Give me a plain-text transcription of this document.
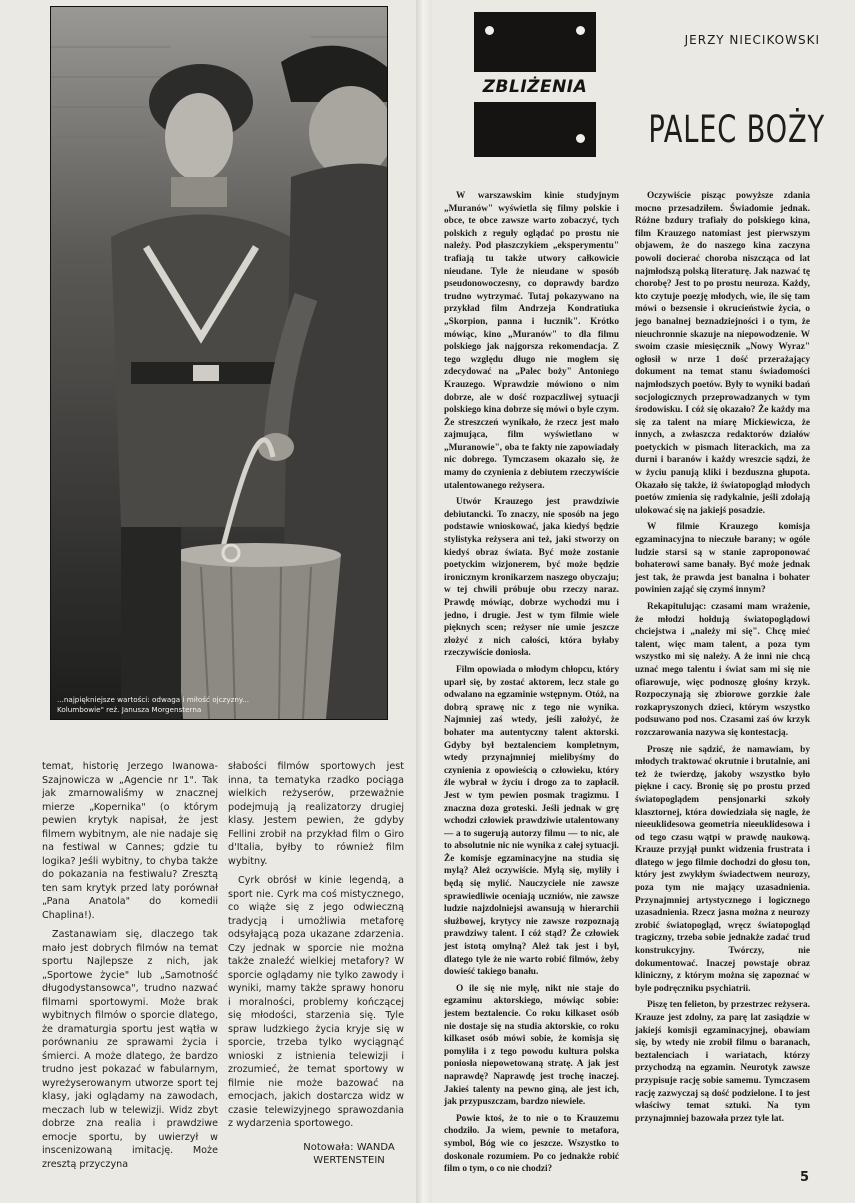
...najpiękniejsze wartości: odwaga i miłość ojczyzny...
Kolumbowie" reż. Janusza Morgensterna

temat, historię Jerzego Iwanowa-Szajnowicza w „Agencie nr 1". Tak jak zmarnowaliśmy w znacznej mierze „Kopernika" (o którym pewien krytyk napisał, że jest filmem wybitnym, ale nie nadaje się na festiwal w Cannes; gdzie tu logika? Jeśli wybitny, to chyba także do pokazania na festiwalu? Zresztą ten sam krytyk przed laty porównał „Pana Anatola" do komedii Chaplina!).

Zastanawiam się, dlaczego tak mało jest dobrych filmów na temat sportu Najlepsze z nich, jak „Sportowe życie" lub „Samotność długodystansowca", trudno nazwać filmami sportowymi. Może brak wybitnych filmów o sporcie dlatego, że dramaturgia sportu jest wątła w porównaniu ze sprawami życia i śmierci. A może dlatego, że bardzo trudno jest pokazać w fabularnym, wyreżyserowanym utworze sport tej klasy, jaki oglądamy na zawodach, meczach lub w telewizji. Widz zbyt dobrze zna realia i prawdziwe emocje sportu, by uwierzył w inscenizowaną imitację. Może zresztą przyczyna

słabości filmów sportowych jest inna, ta tematyka rzadko pociąga wielkich reżyserów, przeważnie podejmują ją realizatorzy drugiej klasy. Jestem pewien, że gdyby Fellini zrobił na przykład film o Giro d'Italia, byłby to również film wybitny.

Cyrk obrósł w kinie legendą, a sport nie. Cyrk ma coś mistycznego, co wiąże się z jego odwieczną tradycją i umożliwia metaforę odsyłającą poza ukazane zdarzenia. Czy jednak w sporcie nie można także znaleźć wielkiej metafory? W sporcie oglądamy nie tylko zawody i wyniki, mamy także sprawy honoru i moralności, problemy kończącej się młodości, starzenia się. Tyle spraw ludzkiego życia kryje się w sporcie, trzeba tylko wyciągnąć wnioski z istnienia telewizji i zrozumieć, że temat sportowy w filmie nie może bazować na emocjach, jakich dostarcza widz w czasie telewizyjnego sprawozdania z wydarzenia sportowego.

Notowała: WANDA
WERTENSTEIN
ZBLIŻENIA
JERZY NIECIKOWSKI
PALEC BOŻY

W warszawskim kinie studyjnym „Muranów" wyświetla się filmy polskie i obce, te obce zawsze warto zobaczyć, tych polskich z reguły oglądać po prostu nie należy. Pod płaszczykiem „eksperymentu" trafiają tu także utwory całkowicie nieudane. Tyle że nieudane w sposób pseudonowoczesny, co doprawdy bardzo trudno wytrzymać. Tutaj pokazywano na przykład film Andrzeja Kondratiuka „Skorpion, panna i łucznik". Krótko mówiąc, kino „Muranów" to dla filmu polskiego jak najgorsza rekomendacja. Z tego względu długo nie mogłem się zdecydować na „Palec boży" Antoniego Krauzego. Wprawdzie mówiono o nim dobrze, ale w dość rozpaczliwej sytuacji polskiego kina dobrze się mówi o byle czym. Że streszczeń wynikało, że rzecz jest mało zajmująca, film wyświetlano w „Muranowie", oba te fakty nie zapowiadały nic dobrego. Tymczasem okazało się, że mamy do czynienia z debiutem rzeczywiście utalentowanego reżysera.

Utwór Krauzego jest prawdziwie debiutancki. To znaczy, nie sposób na jego podstawie wnioskować, jaka kiedyś będzie stylistyka reżysera ani też, jaki stworzy on kiedyś obraz świata. Być może zostanie poetyckim wizjonerem, być może będzie ironicznym kronikarzem naszego obyczaju; w tej chwili próbuje obu rzeczy naraz. Prawdę mówiąc, dobrze wychodzi mu i jedno, i drugie. Jest w tym filmie wiele pięknych scen; reżyser nie umie jeszcze złożyć z nich całości, która byłaby rzeczywiście doniosła.

Film opowiada o młodym chłopcu, który uparł się, by zostać aktorem, lecz stale go odwalano na egzaminie wstępnym. Otóż, na dobrą sprawę nic z tego nie wynika. Najmniej zaś wtedy, jeśli założyć, że bohater ma autentyczny talent aktorski. Gdyby był beztalenciem kompletnym, wtedy przynajmniej mielibyśmy do czynienia z opowieścią o człowieku, który źle wybrał w życiu i drogo za to zapłacił. Jest w tym pewien posmak tragizmu. I znaczna doza groteski. Jeśli jednak w grę wchodzi człowiek prawdziwie utalentowany — a to sugerują autorzy filmu — to nic, ale to absolutnie nic nie wynika z całej sytuacji. Że komisje egzaminacyjne na studia się mylą? Ależ oczywiście. Mylą się, myliły i będą się mylić. Nauczyciele nie zawsze sprawiedliwie oceniają uczniów, nie zawsze ludzie najzdolniejsi awansują w hierarchii służbowej, krytycy nie zawsze rozpoznają prawdziwy talent. I cóż stąd? Że człowiek jest istotą omylną? Ależ tak jest i był, dlatego tyle że nie warto robić filmów, żeby dowieść takiego banału.

O ile się nie mylę, nikt nie staje do egzaminu aktorskiego, mówiąc sobie: jestem beztalencie. Co roku kilkaset osób nie dostaje się na studia aktorskie, co roku kilkaset osób mówi sobie, że komisja się pomyliła i z tego powodu kultura polska poniosła niepowetowaną stratę. A jak jest naprawdę? Naprawdę jest trochę inaczej. Jakieś talenty na pewno giną, ale jest ich, jak przypuszczam, bardzo niewiele.

Powie ktoś, że to nie o to Krauzemu chodziło. Ja wiem, pewnie to metafora, symbol, Bóg wie co jeszcze. Wszystko to doskonale rozumiem. Po co jednakże robić film o tym, o co nie chodzi?

Oczywiście pisząc powyższe zdania mocno przesadziłem. Świadomie jednak. Różne bzdury trafiały do polskiego kina, film Krauzego natomiast jest pierwszym objawem, że do naszego kina zaczyna powoli docierać choroba niszcząca od lat najmłodszą polską literaturę. Jak nazwać tę chorobę? Jest to po prostu neuroza. Każdy, kto czytuje poezję młodych, wie, ile się tam mówi o bezsensie i okrucieństwie życia, o jego banalnej beznadziejności i o tym, że nieuchronnie skazuje na niepowodzenie. W swoim czasie miesięcznik „Nowy Wyraz" ogłosił w nrze 1 dość przerażający dokument na temat stanu świadomości najmłodszych poetów. Były to wyniki badań socjologicznych przeprowadzanych w tym środowisku. I cóż się okazało? Że każdy ma się za talent na miarę Mickiewicza, że innych, a zwłaszcza redaktorów działów poetyckich w pismach literackich, ma za durni i baranów i każdy wreszcie sądzi, że w życiu panują kliki i bezduszna głupota. Okazało się także, iż światopogląd młodych poetów zmienia się radykalnie, jeśli zdołają ulokować się na jakiejś posadzie.

W filmie Krauzego komisja egzaminacyjna to nieczułe barany; w ogóle ludzie starsi są w stanie zaproponować bohaterowi same banały. Być może jednak jest tak, że prawda jest banalna i bohater powinien zająć się czymś innym?

Rekapitulując: czasami mam wrażenie, że młodzi hołdują światopoglądowi chciejstwa i „należy mi się". Chcę mieć talent, więc mam talent, a poza tym wszystko mi się należy. A że inni nie chcą uznać mego talentu i świat sam mi się nie ofiarowuje, więc podnoszę głośny krzyk. Rozpoczynają się zbiorowe gorzkie żale rozkapryszonych dzieci, którym wszystko podsuwano pod nos. Czasami zaś ów krzyk rozczarowania nazywa się kontestacją.

Proszę nie sądzić, że namawiam, by młodych traktować okrutnie i brutalnie, ani też że twierdzę, jakoby wszystko było piękne i cacy. Bronię się po prostu przed światopoglądem pensjonarki szkoły klasztornej, która dowiedziała się nagle, że nieeuklidesowa geometria nieeuklidesowa i od tego czasu wątpi w prawdę naukową. Krauze przyjął punkt widzenia frustrata i dlatego w jego filmie dochodzi do głosu ton, który jest zwykłym świadectwem neurozy, poza tym nie mający uzasadnienia. Przynajmniej artystycznego i logicznego uzasadnienia. Rzecz jasna można z neurozy zrobić światopogląd, wręcz światopogląd tragiczny, trzeba sobie jednakże zadać trud konstrukcyjny. Twórczy, nie dokumentować. Inaczej powstaje obraz kliniczny, z którym można się zapoznać w byle podręczniku psychiatrii.

Piszę ten felieton, by przestrzec reżysera. Krauze jest zdolny, za parę lat zasiądzie w jakiejś komisji egzaminacyjnej, obawiam się, by wtedy nie zrobił filmu o baranach, beztalenciach i wariatach, którzy przychodzą na egzamin. Neurotyk zawsze przypisuje rację sobie samemu. Tymczasem rację zazwyczaj są dość podzielone. I to jest właściwy temat sztuki. Na tym przynajmniej bazowała przez tyle lat.

5
